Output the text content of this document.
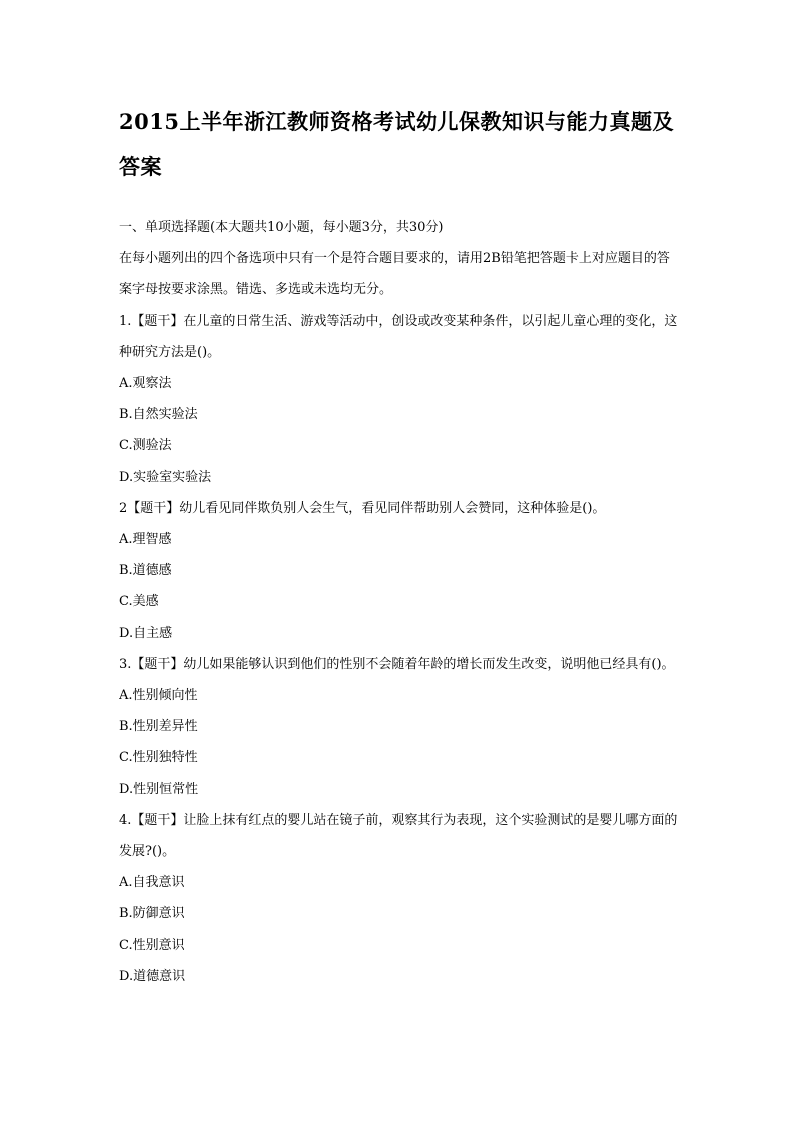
2015上半年浙江教师资格考试幼儿保教知识与能力真题及答案
一、单项选择题(本大题共10小题，每小题3分，共30分)
在每小题列出的四个备选项中只有一个是符合题目要求的，请用2B铅笔把答题卡上对应题目的答案字母按要求涂黑。错选、多选或未选均无分。
1.【题干】在儿童的日常生活、游戏等活动中，创设或改变某种条件，以引起儿童心理的变化，这种研究方法是()。
A.观察法
B.自然实验法
C.测验法
D.实验室实验法
2【题干】幼儿看见同伴欺负别人会生气，看见同伴帮助别人会赞同，这种体验是()。
A.理智感
B.道德感
C.美感
D.自主感
3.【题干】幼儿如果能够认识到他们的性别不会随着年龄的增长而发生改变，说明他已经具有()。
A.性别倾向性
B.性别差异性
C.性别独特性
D.性别恒常性
4.【题干】让脸上抹有红点的婴儿站在镜子前，观察其行为表现，这个实验测试的是婴儿哪方面的发展?()。
A.自我意识
B.防御意识
C.性别意识
D.道德意识
